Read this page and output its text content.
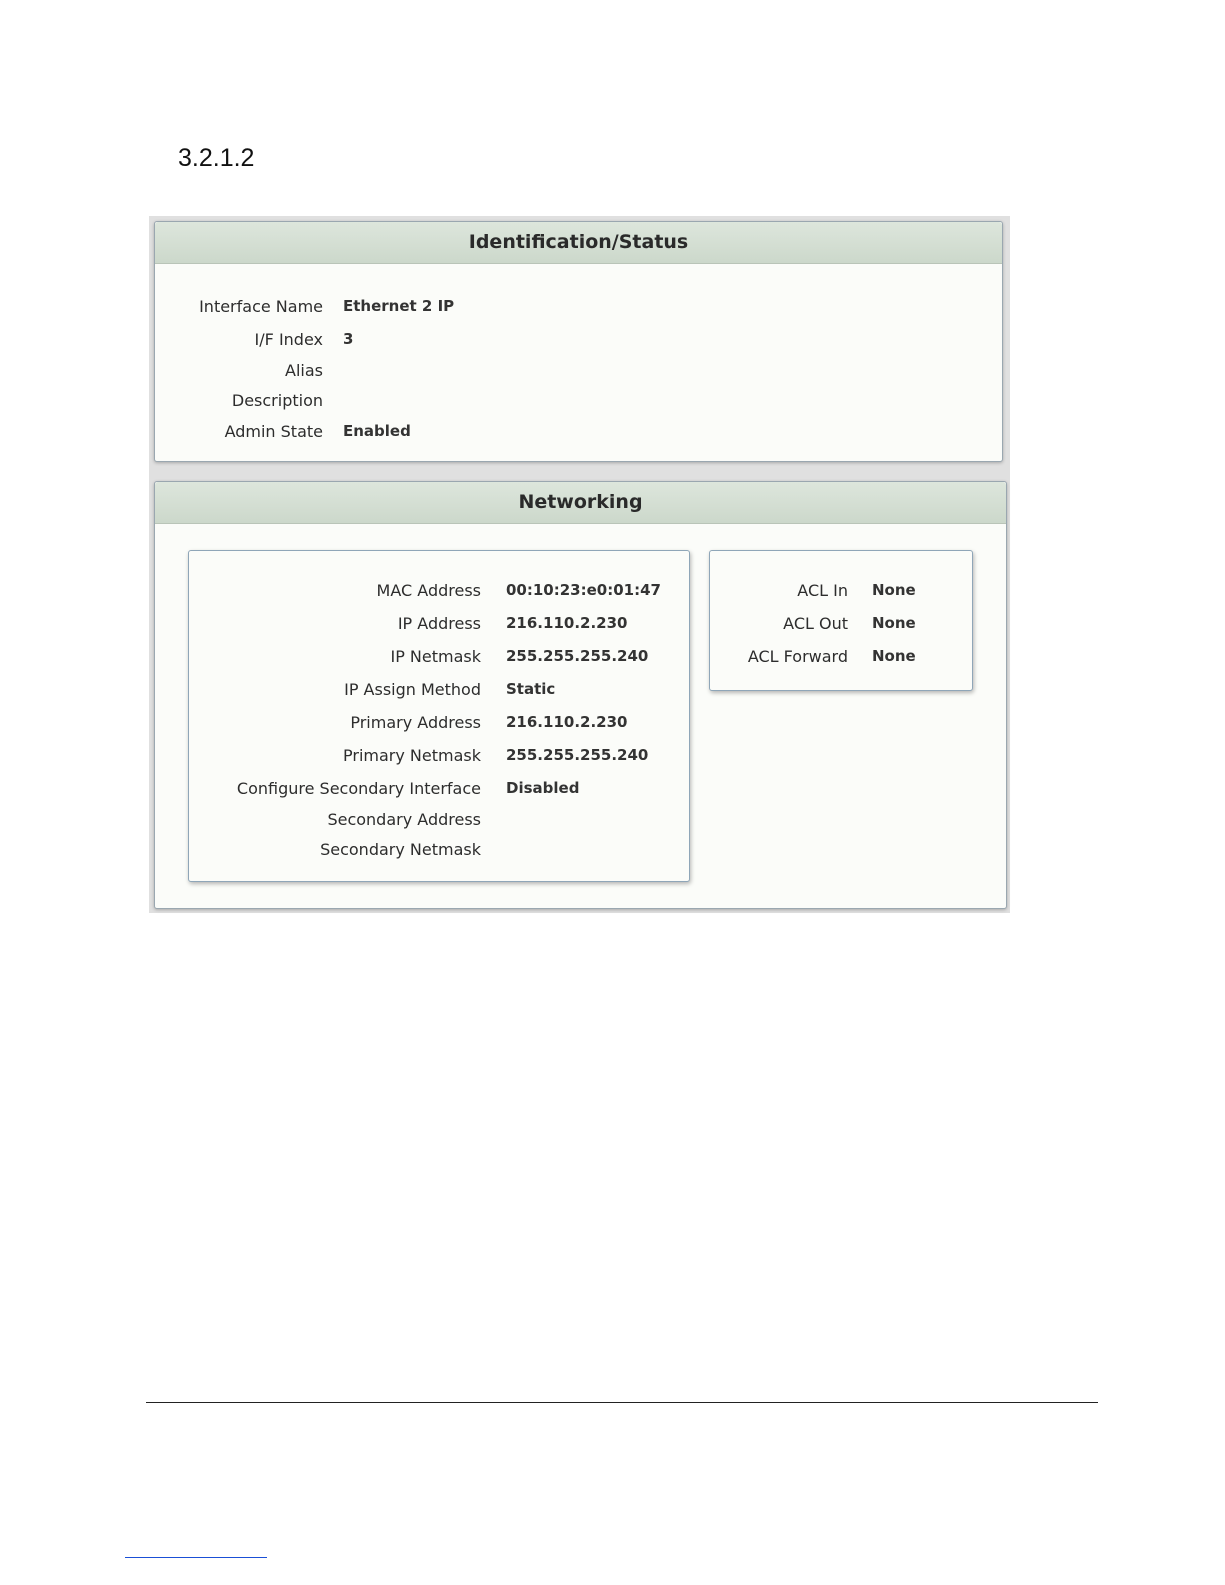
3.2.1.2
Identification/Status
Interface Name Ethernet 2 IP
I/F Index 3
Alias
Description
Admin State Enabled
Networking
MAC Address 00:10:23:e0:01:47
IP Address 216.110.2.230
IP Netmask 255.255.255.240
IP Assign Method Static
Primary Address 216.110.2.230
Primary Netmask 255.255.255.240
Configure Secondary Interface Disabled
Secondary Address
Secondary Netmask
ACL In None
ACL Out None
ACL Forward None
